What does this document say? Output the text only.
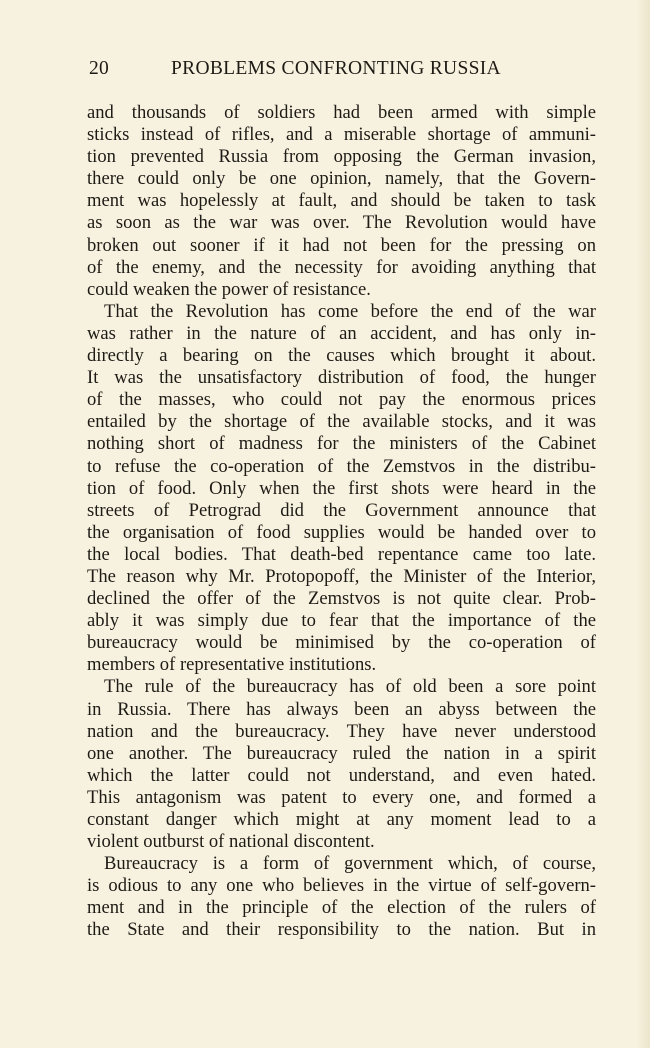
20	PROBLEMS CONFRONTING RUSSIA
and thousands of soldiers had been armed with simple
sticks instead of rifles, and a miserable shortage of ammuni-
tion prevented Russia from opposing the German invasion,
there could only be one opinion, namely, that the Govern-
ment was hopelessly at fault, and should be taken to task
as soon as the war was over. The Revolution would have
broken out sooner if it had not been for the pressing on
of the enemy, and the necessity for avoiding anything that
could weaken the power of resistance.
That the Revolution has come before the end of the war
was rather in the nature of an accident, and has only in-
directly a bearing on the causes which brought it about.
It was the unsatisfactory distribution of food, the hunger
of the masses, who could not pay the enormous prices
entailed by the shortage of the available stocks, and it was
nothing short of madness for the ministers of the Cabinet
to refuse the co-operation of the Zemstvos in the distribu-
tion of food. Only when the first shots were heard in the
streets of Petrograd did the Government announce that
the organisation of food supplies would be handed over to
the local bodies. That death-bed repentance came too late.
The reason why Mr. Protopopoff, the Minister of the Interior,
declined the offer of the Zemstvos is not quite clear. Prob-
ably it was simply due to fear that the importance of the
bureaucracy would be minimised by the co-operation of
members of representative institutions.
The rule of the bureaucracy has of old been a sore point
in Russia. There has always been an abyss between the
nation and the bureaucracy. They have never understood
one another. The bureaucracy ruled the nation in a spirit
which the latter could not understand, and even hated.
This antagonism was patent to every one, and formed a
constant danger which might at any moment lead to a
violent outburst of national discontent.
Bureaucracy is a form of government which, of course,
is odious to any one who believes in the virtue of self-govern-
ment and in the principle of the election of the rulers of
the State and their responsibility to the nation. But in
